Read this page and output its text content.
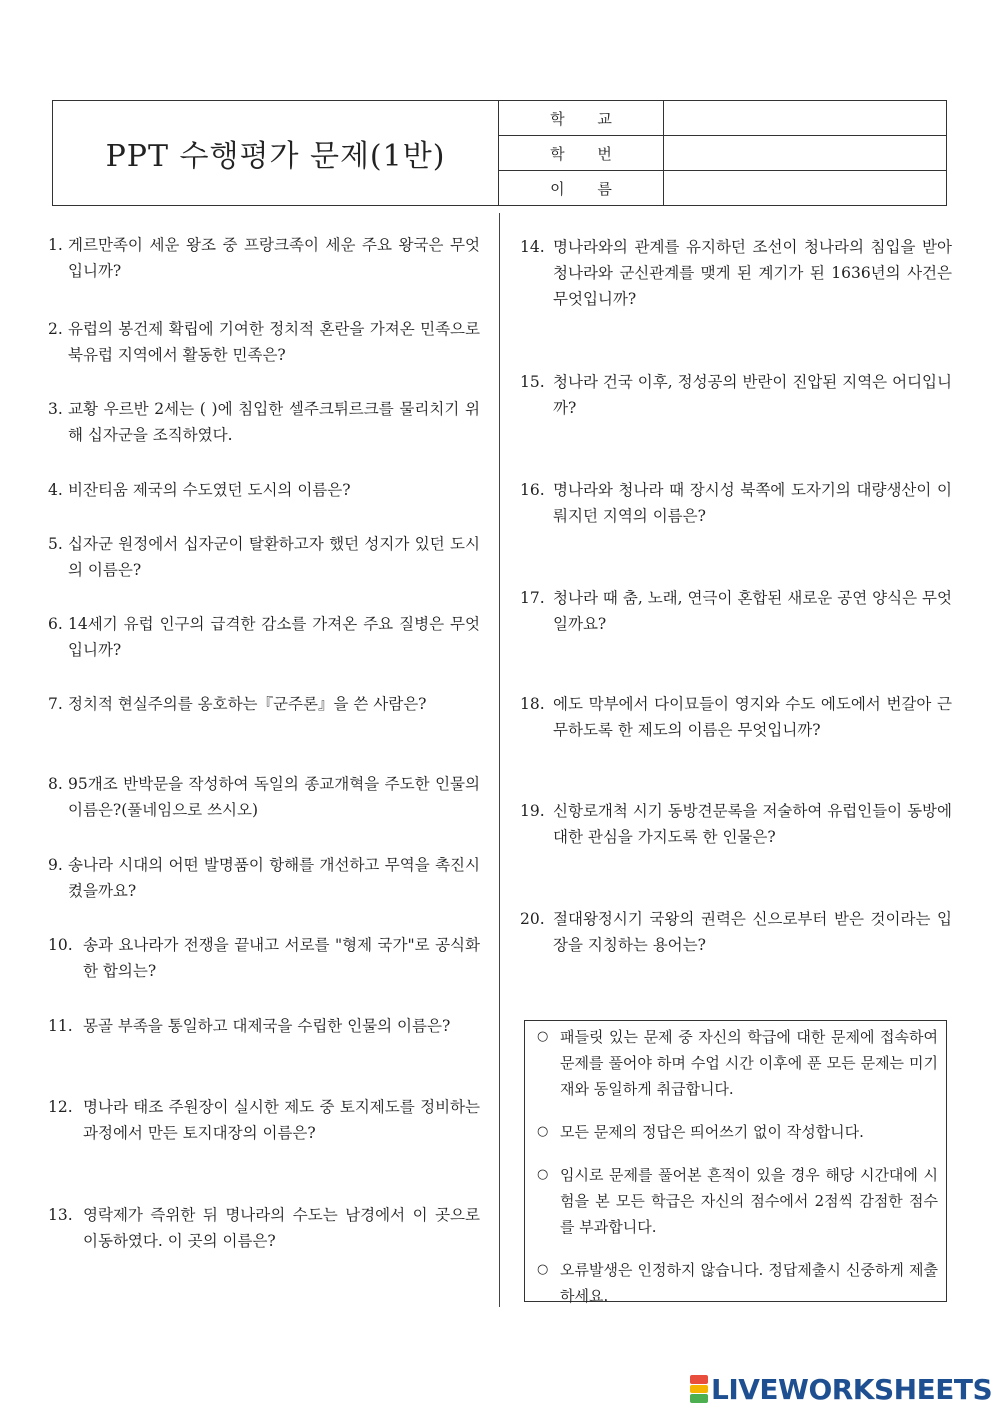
PPT 수행평가 문제(1반)
학 교
학 번
이 름
1. 게르만족이 세운 왕조 중 프랑크족이 세운 주요 왕국은 무엇입니까?
2. 유럽의 봉건제 확립에 기여한 정치적 혼란을 가져온 민족으로 북유럽 지역에서 활동한 민족은?
3. 교황 우르반 2세는 ( )에 침입한 셀주크튀르크를 물리치기 위해 십자군을 조직하였다.
4. 비잔티움 제국의 수도였던 도시의 이름은?
5. 십자군 원정에서 십자군이 탈환하고자 했던 성지가 있던 도시의 이름은?
6. 14세기 유럽 인구의 급격한 감소를 가져온 주요 질병은 무엇입니까?
7. 정치적 현실주의를 옹호하는『군주론』을 쓴 사람은?
8. 95개조 반박문을 작성하여 독일의 종교개혁을 주도한 인물의 이름은?(풀네임으로 쓰시오)
9. 송나라 시대의 어떤 발명품이 항해를 개선하고 무역을 촉진시켰을까요?
10. 송과 요나라가 전쟁을 끝내고 서로를 "형제 국가"로 공식화한 합의는?
11. 몽골 부족을 통일하고 대제국을 수립한 인물의 이름은?
12. 명나라 태조 주원장이 실시한 제도 중 토지제도를 정비하는 과정에서 만든 토지대장의 이름은?
13. 영락제가 즉위한 뒤 명나라의 수도는 남경에서 이 곳으로 이동하였다. 이 곳의 이름은?
14. 명나라와의 관계를 유지하던 조선이 청나라의 침입을 받아 청나라와 군신관계를 맺게 된 계기가 된 1636년의 사건은 무엇입니까?
15. 청나라 건국 이후, 정성공의 반란이 진압된 지역은 어디입니까?
16. 명나라와 청나라 때 장시성 북쪽에 도자기의 대량생산이 이뤄지던 지역의 이름은?
17. 청나라 때 춤, 노래, 연극이 혼합된 새로운 공연 양식은 무엇일까요?
18. 에도 막부에서 다이묘들이 영지와 수도 에도에서 번갈아 근무하도록 한 제도의 이름은 무엇입니까?
19. 신항로개척 시기 동방견문록을 저술하여 유럽인들이 동방에 대한 관심을 가지도록 한 인물은?
20. 절대왕정시기 국왕의 권력은 신으로부터 받은 것이라는 입장을 지칭하는 용어는?
○ 패들릿 있는 문제 중 자신의 학급에 대한 문제에 접속하여 문제를 풀어야 하며 수업 시간 이후에 푼 모든 문제는 미기재와 동일하게 취급합니다.
○ 모든 문제의 정답은 띄어쓰기 없이 작성합니다.
○ 임시로 문제를 풀어본 흔적이 있을 경우 해당 시간대에 시험을 본 모든 학급은 자신의 점수에서 2점씩 감점한 점수를 부과합니다.
○ 오류발생은 인정하지 않습니다. 정답제출시 신중하게 제출하세요.
LIVEWORKSHEETS
